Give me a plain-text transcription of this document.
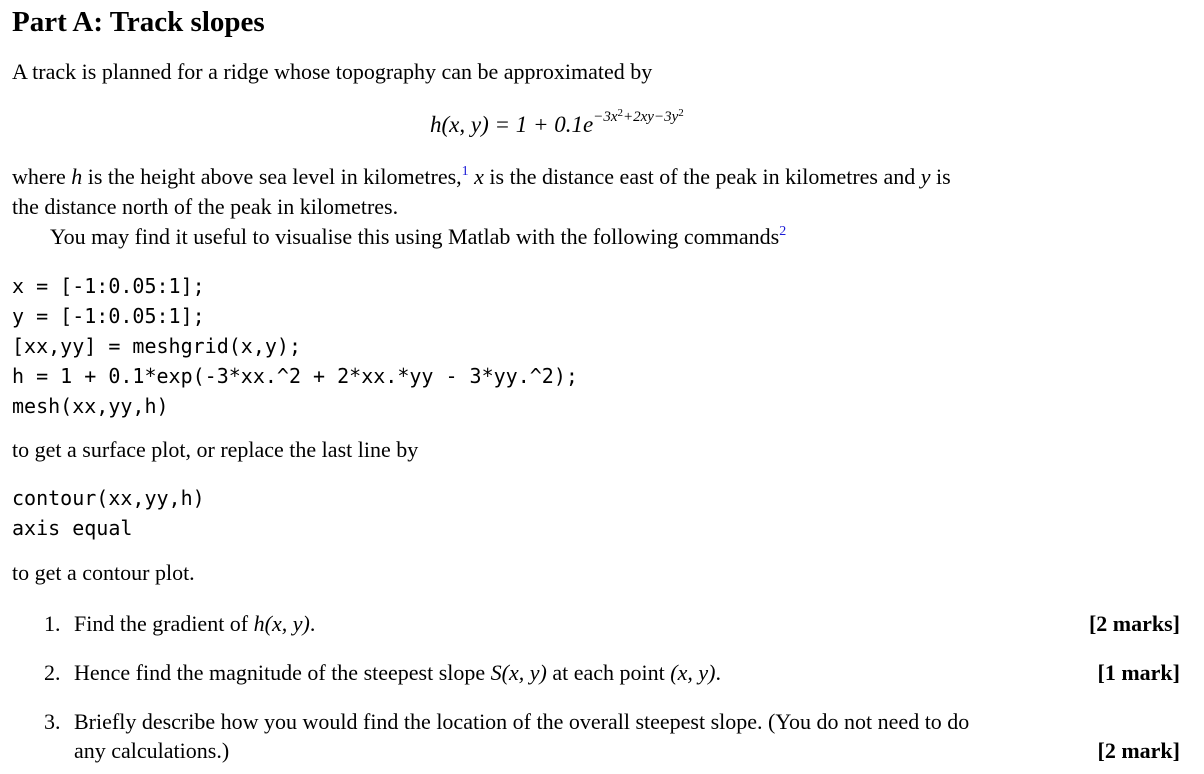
Part A: Track slopes
A track is planned for a ridge whose topography can be approximated by
h(x, $y) = 1 + 0.1e^{-3x^2+2xy-3y^2}$
where h is the height above sea level in kilometres,$^1$ x is the distance east of the peak in kilometres and y is
the distance north of the peak in kilometres.
You may find it useful to visualise this using Matlab with the following commands$^2$
x = [-1:0.05:1];
y = [-1:0.05:1];
[xx,yy] = meshgrid(x,y);
h = 1 + 0.1*exp(-3*xx.^2 + 2*xx.*yy - 3*yy.^2);
mesh(xx,yy,h)
to get a surface plot, or replace the last line by
contour(xx,yy,h)
axis equal
to get a contour plot.
1. Find the gradient of h(x, y).	[2 marks]
2. Hence find the magnitude of the steepest slope S(x, y) at each point (x, y).	[1 mark]
3. Briefly describe how you would find the location of the overall steepest slope. (You do not need to do
any calculations.)	[2 mark]
